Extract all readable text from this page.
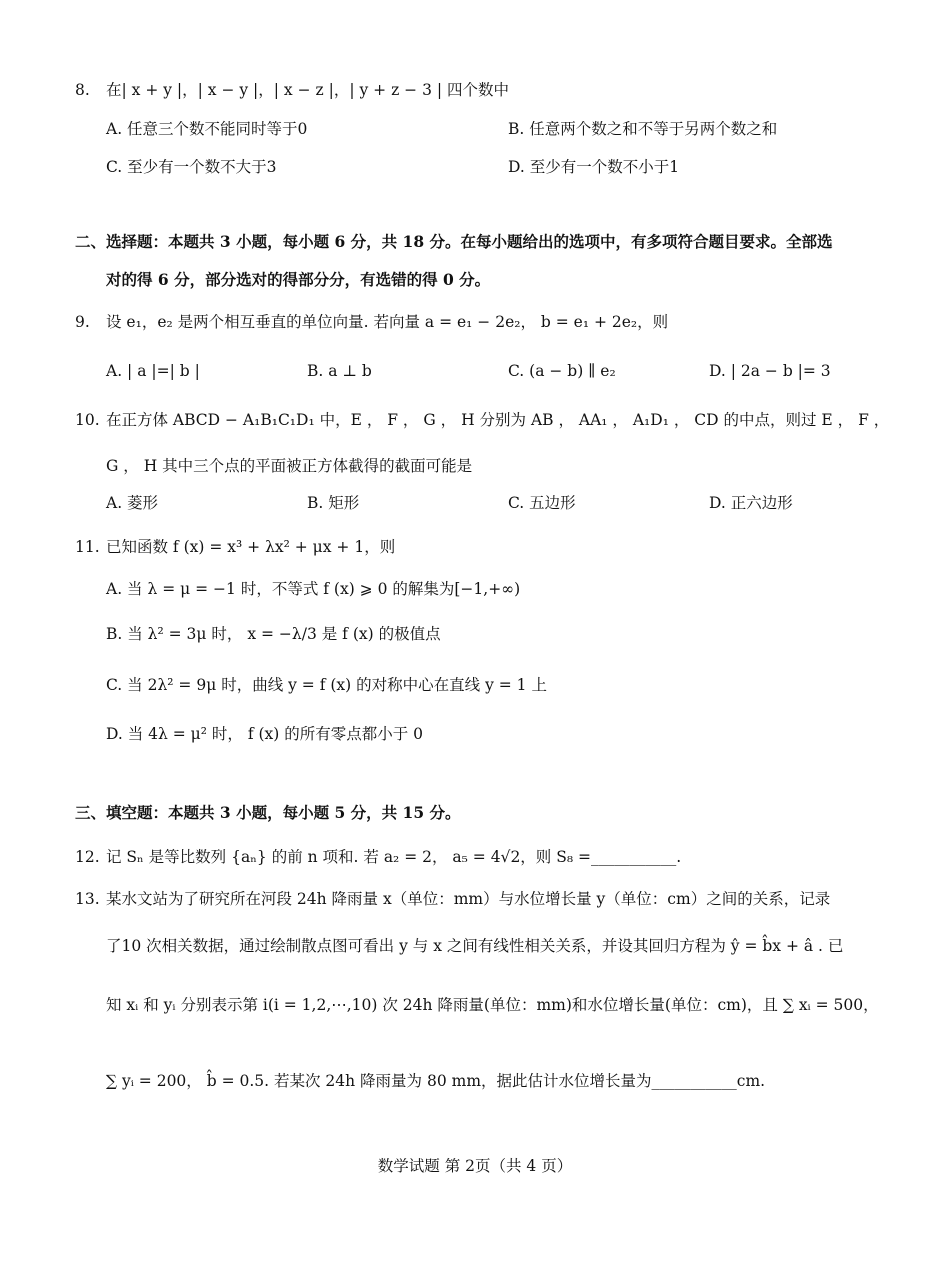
8. 在| x + y |，| x − y |，| x − z |，| y + z − 3 | 四个数中
A. 任意三个数不能同时等于0	B. 任意两个数之和不等于另两个数之和
C. 至少有一个数不大于3	D. 至少有一个数不小于1
二、选择题：本题共 3 小题，每小题 6 分，共 18 分。在每小题给出的选项中，有多项符合题目要求。全部选
对的得 6 分，部分选对的得部分分，有选错的得 0 分。
9. 设 e₁，e₂ 是两个相互垂直的单位向量. 若向量 a = e₁ − 2e₂， b = e₁ + 2e₂，则
A. | a |=| b |	B. a ⊥ b	C. (a − b) ∥ e₂	D. | 2a − b |= 3
10. 在正方体 ABCD − A₁B₁C₁D₁ 中，E ， F ， G ， H 分别为 AB ， AA₁ ， A₁D₁ ， CD 的中点，则过 E ， F ，
G ， H 其中三个点的平面被正方体截得的截面可能是
A. 菱形	B. 矩形	C. 五边形	D. 正六边形
11. 已知函数 f (x) = x³ + λx² + μx + 1，则
A. 当 λ = μ = −1 时，不等式 f (x) ⩾ 0 的解集为[−1,+∞)
B. 当 λ² = 3μ 时， x = −λ/3 是 f (x) 的极值点
C. 当 2λ² = 9μ 时，曲线 y = f (x) 的对称中心在直线 y = 1 上
D. 当 4λ = μ² 时， f (x) 的所有零点都小于 0
三、填空题：本题共 3 小题，每小题 5 分，共 15 分。
12. 记 Sₙ 是等比数列 {aₙ} 的前 n 项和. 若 a₂ = 2， a₅ = 4√2，则 S₈ =___________.
13. 某水文站为了研究所在河段 24h 降雨量 x（单位：mm）与水位增长量 y（单位：cm）之间的关系，记录
了10 次相关数据，通过绘制散点图可看出 y 与 x 之间有线性相关关系，并设其回归方程为 ŷ = b̂x + â . 已
知 xᵢ 和 yᵢ 分别表示第 i(i = 1,2,⋯,10) 次 24h 降雨量(单位：mm)和水位增长量(单位：cm)，且 ∑ xᵢ = 500，
∑ yᵢ = 200， b̂ = 0.5. 若某次 24h 降雨量为 80 mm，据此估计水位增长量为___________cm.
数学试题 第 2页（共 4 页）
